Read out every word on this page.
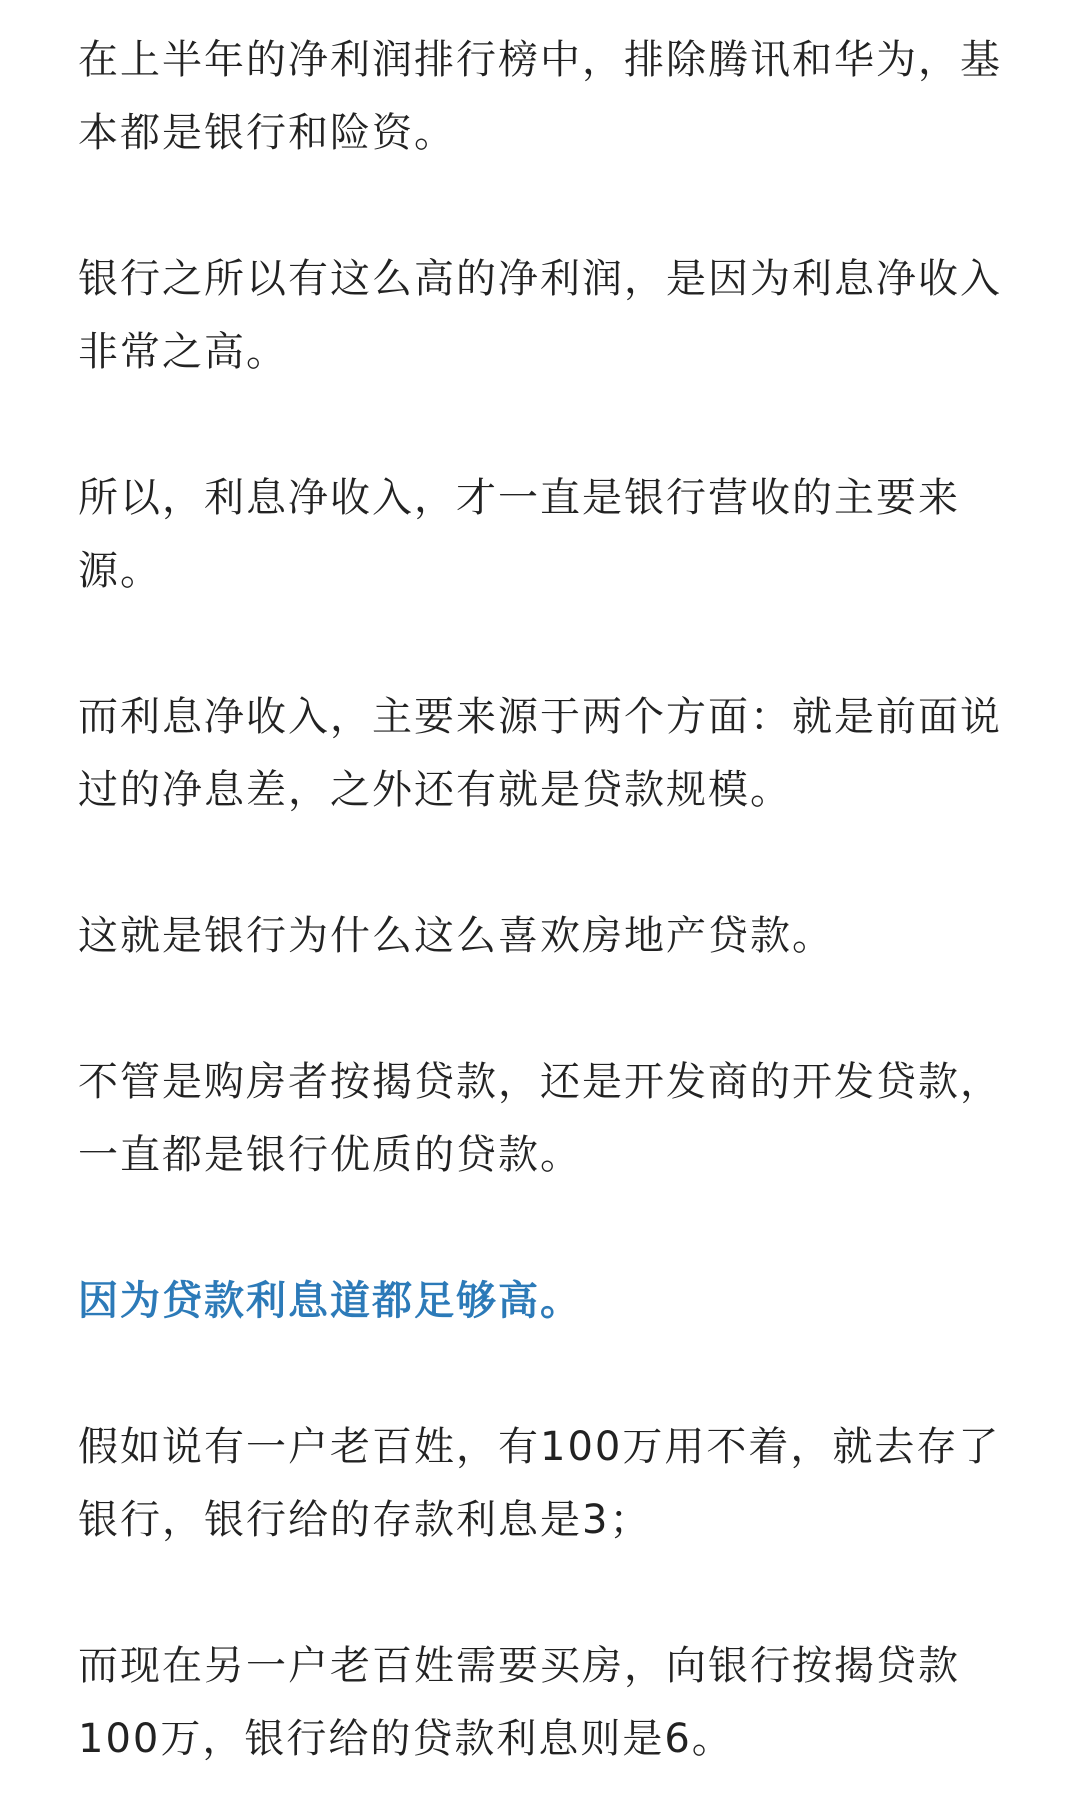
在上半年的净利润排行榜中，排除腾讯和华为，基本都是银行和险资。

银行之所以有这么高的净利润，是因为利息净收入非常之高。

所以，利息净收入，才一直是银行营收的主要来源。

而利息净收入，主要来源于两个方面：就是前面说过的净息差，之外还有就是贷款规模。

这就是银行为什么这么喜欢房地产贷款。

不管是购房者按揭贷款，还是开发商的开发贷款，一直都是银行优质的贷款。

因为贷款利息道都足够高。

假如说有一户老百姓，有100万用不着，就去存了银行，银行给的存款利息是3；

而现在另一户老百姓需要买房，向银行按揭贷款100万，银行给的贷款利息则是6。
